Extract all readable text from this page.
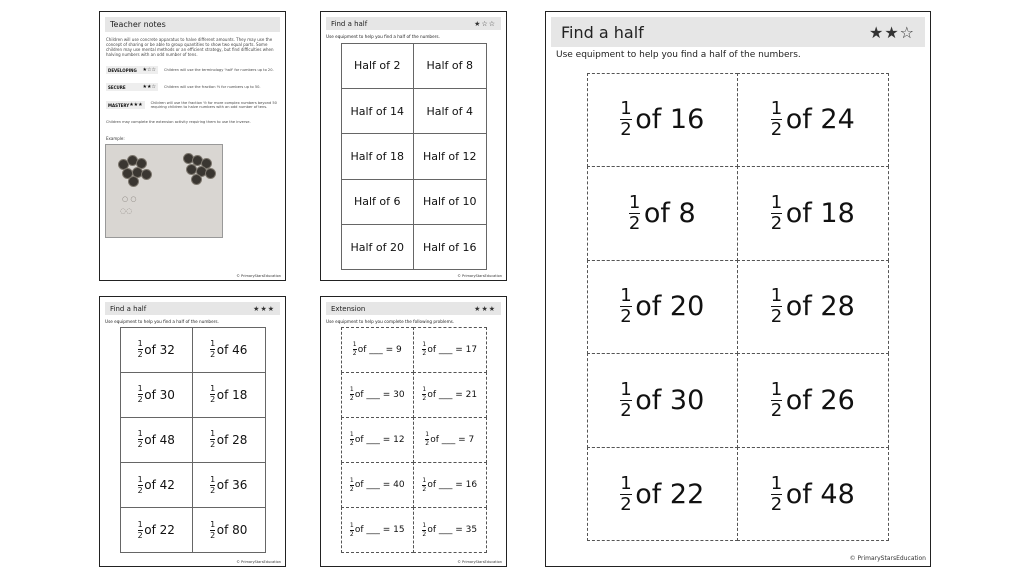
Teacher notes
Children will use concrete apparatus to halve different amounts. They may use the concept of sharing or be able to group quantities to show two equal parts. Some children may use mental methods or an efficient strategy, but find difficulties when halving numbers with an odd number of tens.
DEVELOPING ★☆☆ Children will use the terminology 'half' for numbers up to 20.
SECURE	★★☆ Children will use the fraction ½ for numbers up to 50.
MASTERY ★★★ Children will use the fraction ½ for more complex numbers beyond 50 requiring children to halve numbers with an odd number of tens.
Children may complete the extension activity requiring them to use the inverse.
Example:
○ ○
◌◌
© PrimaryStarsEducation
Find a half	★☆☆
Use equipment to help you find a half of the numbers.
© PrimaryStarsEducation
Half of 2	Half of 8
Half of 14	Half of 4
Half of 18	Half of 12
Half of 6	Half of 10
Half of 20	Half of 16
Find a half	★★★
Use equipment to help you find a half of the numbers.
© PrimaryStarsEducation
$\frac{1}{2}$ of 32	$\frac{1}{2}$ of 46
$\frac{1}{2}$ of 30	$\frac{1}{2}$ of 18
$\frac{1}{2}$ of 48	$\frac{1}{2}$ of 28
$\frac{1}{2}$ of 42	$\frac{1}{2}$ of 36
$\frac{1}{2}$ of 22	$\frac{1}{2}$ of 80
Extension	★★★
Use equipment to help you complete the following problems.
© PrimaryStarsEducation
$\frac{1}{2}$ of ___ = 9	$\frac{1}{2}$ of ___ = 17
$\frac{1}{2}$ of ___ = 30	$\frac{1}{2}$ of ___ = 21
$\frac{1}{2}$ of ___ = 12	$\frac{1}{2}$ of ___ = 7
$\frac{1}{2}$ of ___ = 40	$\frac{1}{2}$ of ___ = 16
$\frac{1}{2}$ of ___ = 15	$\frac{1}{2}$ of ___ = 35
Find a half	★★☆
Use equipment to help you find a half of the numbers.
© PrimaryStarsEducation
$\frac{1}{2}$ of 16	$\frac{1}{2}$ of 24
$\frac{1}{2}$ of 8	$\frac{1}{2}$ of 18
$\frac{1}{2}$ of 20	$\frac{1}{2}$ of 28
$\frac{1}{2}$ of 30	$\frac{1}{2}$ of 26
$\frac{1}{2}$ of 22	$\frac{1}{2}$ of 48
